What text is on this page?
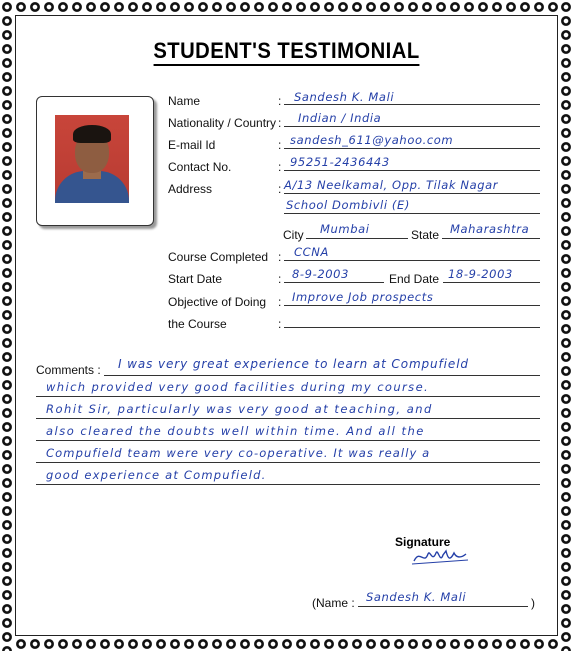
STUDENT'S TESTIMONIAL
Name	: Sandesh K. Mali
Nationality / Country : Indian / India
E-mail Id	: sandesh_611@yahoo.com
Contact No.	: 95251-2436443
Address	: A/13 Neelkamal, Opp. Tilak Nagar
School Dombivli (E)
City Mumbai	State Maharashtra
Course Completed : CCNA
Start Date	: 8-9-2003	End Date 18-9-2003
Objective of Doing : Improve Job prospects
the Course	:
Comments : I was very great experience to learn at Compufield
which provided very good facilities during my course.
Rohit Sir, particularly was very good at teaching, and
also cleared the doubts well within time. And all the
Compufield team were very co-operative. It was really a
good experience at Compufield.
Signature
(Name : Sandesh K. Mali	)
